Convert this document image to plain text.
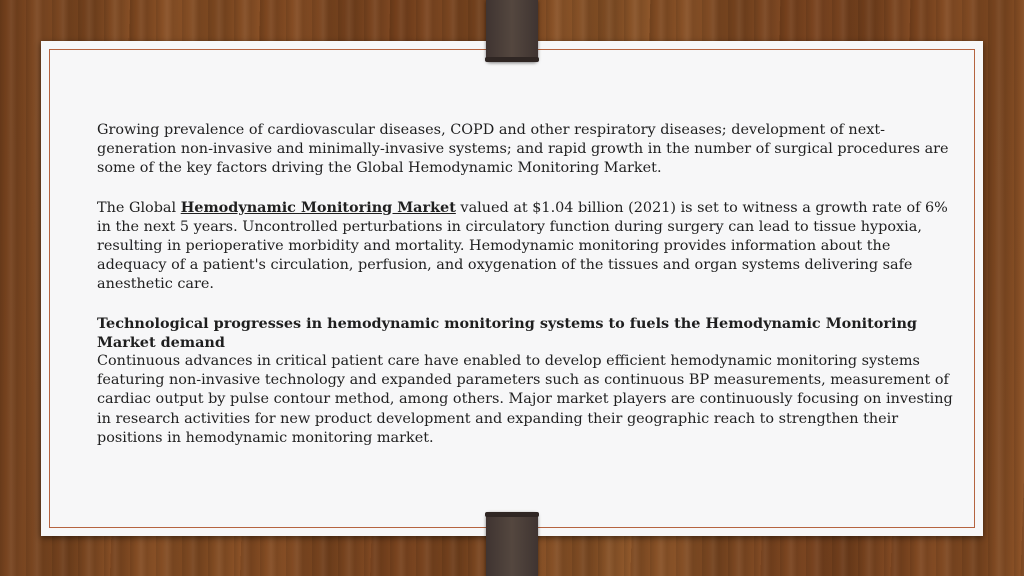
Growing prevalence of cardiovascular diseases, COPD and other respiratory diseases; development of next-generation non-invasive and minimally-invasive systems; and rapid growth in the number of surgical procedures are some of the key factors driving the Global Hemodynamic Monitoring Market.

The Global Hemodynamic Monitoring Market valued at $1.04 billion (2021) is set to witness a growth rate of 6% in the next 5 years. Uncontrolled perturbations in circulatory function during surgery can lead to tissue hypoxia, resulting in perioperative morbidity and mortality. Hemodynamic monitoring provides information about the adequacy of a patient's circulation, perfusion, and oxygenation of the tissues and organ systems delivering safe anesthetic care.

Technological progresses in hemodynamic monitoring systems to fuels the Hemodynamic Monitoring Market demand
Continuous advances in critical patient care have enabled to develop efficient hemodynamic monitoring systems featuring non-invasive technology and expanded parameters such as continuous BP measurements, measurement of cardiac output by pulse contour method, among others. Major market players are continuously focusing on investing in research activities for new product development and expanding their geographic reach to strengthen their positions in hemodynamic monitoring market.
